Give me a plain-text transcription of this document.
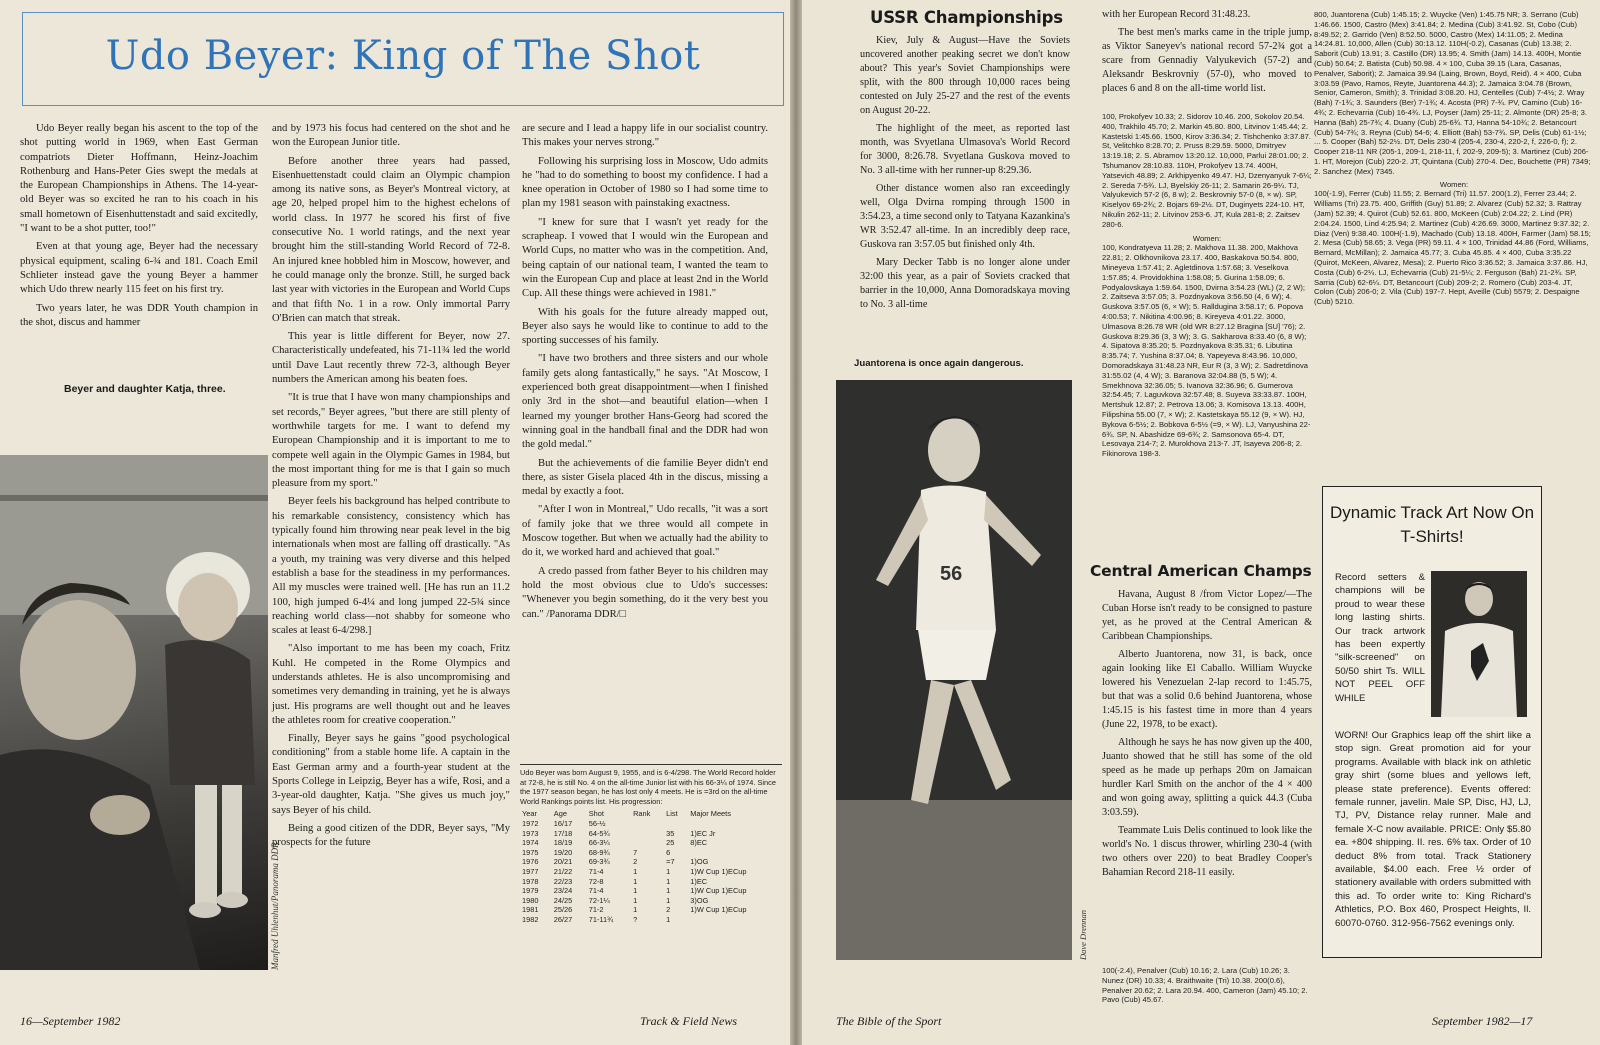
Udo Beyer: King of The Shot

Udo Beyer really began his ascent to the top of the shot putting world in 1969, when East German compatriots Dieter Hoffmann, Heinz-Joachim Rothenburg and Hans-Peter Gies swept the medals at the European Championships in Athens. The 14-year-old Beyer was so excited he ran to his coach in his small hometown of Eisenhuttenstadt and said excitedly, "I want to be a shot putter, too!"

Even at that young age, Beyer had the necessary physical equipment, scaling 6-¾ and 181. Coach Emil Schlieter instead gave the young Beyer a hammer which Udo threw nearly 115 feet on his first try.

Two years later, he was DDR Youth champion in the shot, discus and hammer

Beyer and daughter Katja, three.
Manfred Uhlenhut/Panorama DDR

and by 1973 his focus had centered on the shot and he won the European Junior title.

Before another three years had passed, Eisenhuettenstadt could claim an Olympic champion among its native sons, as Beyer's Montreal victory, at age 20, helped propel him to the highest echelons of world class. In 1977 he scored his first of five consecutive No. 1 world ratings, and the next year brought him the still-standing World Record of 72-8. An injured knee hobbled him in Moscow, however, and he could manage only the bronze. Still, he surged back last year with victories in the European and World Cups and that fifth No. 1 in a row. Only immortal Parry O'Brien can match that streak.

This year is little different for Beyer, now 27. Characteristically undefeated, his 71-11¾ led the world until Dave Laut recently threw 72-3, although Beyer numbers the American among his beaten foes.

"It is true that I have won many championships and set records," Beyer agrees, "but there are still plenty of worthwhile targets for me. I want to defend my European Championship and it is important to me to compete well again in the Olympic Games in 1984, but the most important thing for me is that I gain so much pleasure from my sport."

Beyer feels his background has helped contribute to his remarkable consistency, consistency which has typically found him throwing near peak level in the big internationals when most are falling off drastically. "As a youth, my training was very diverse and this helped establish a base for the steadiness in my performances. All my muscles were trained well. [He has run an 11.2 100, high jumped 6-4¼ and long jumped 22-5¾ since reaching world class—not shabby for someone who scales at least 6-4/298.]

"Also important to me has been my coach, Fritz Kuhl. He competed in the Rome Olympics and understands athletes. He is also uncompromising and sometimes very demanding in training, yet he is always just. His programs are well thought out and he leaves the athletes room for creative cooperation."

Finally, Beyer says he gains "good psychological conditioning" from a stable home life. A captain in the East German army and a fourth-year student at the Sports College in Leipzig, Beyer has a wife, Rosi, and a 3-year-old daughter, Katja. "She gives us much joy," says Beyer of his child.

Being a good citizen of the DDR, Beyer says, "My prospects for the future

are secure and I lead a happy life in our socialist country. This makes your nerves strong."

Following his surprising loss in Moscow, Udo admits he "had to do something to boost my confidence. I had a knee operation in October of 1980 so I had some time to plan my 1981 season with painstaking exactness.

"I knew for sure that I wasn't yet ready for the scrapheap. I vowed that I would win the European and World Cups, no matter who was in the competition. And, being captain of our national team, I wanted the team to win the European Cup and place at least 2nd in the World Cup. All these things were achieved in 1981."

With his goals for the future already mapped out, Beyer also says he would like to continue to add to the sporting successes of his family.

"I have two brothers and three sisters and our whole family gets along fantastically," he says. "At Moscow, I experienced both great disappointment—when I finished only 3rd in the shot—and beautiful elation—when I learned my younger brother Hans-Georg had scored the winning goal in the handball final and the DDR had won the gold medal."

But the achievements of die familie Beyer didn't end there, as sister Gisela placed 4th in the discus, missing a medal by exactly a foot.

"After I won in Montreal," Udo recalls, "it was a sort of family joke that we three would all compete in Moscow together. But when we actually had the ability to do it, we worked hard and achieved that goal."

A credo passed from father Beyer to his children may hold the most obvious clue to Udo's successes: "Whenever you begin something, do it the very best you can." /Panorama DDR/□

Udo Beyer was born August 9, 1955, and is 6-4/298. The World Record holder at 72-8, he is still No. 4 on the all-time Junior list with his 66-3¼ of 1974. Since the 1977 season began, he has lost only 4 meets. He is =3rd on the all-time World Rankings points list. His progression:
Year	Age	Shot	Rank	List	Major Meets
1972	16/17	56-½			
1973	17/18	64-5¾		35	1)EC Jr
1974	18/19	66-3¼		25	8)EC
1975	19/20	68-9¾	7	6	
1976	20/21	69-3¾	2	=7	1)OG
1977	21/22	71-4	1	1	1)W Cup 1)ECup
1978	22/23	72-8	1	1	1)EC
1979	23/24	71-4	1	1	1)W Cup 1)ECup
1980	24/25	72-1¼	1	1	3)OG
1981	25/26	71-2	1	2	1)W Cup 1)ECup
1982	26/27	71-11¾	?	1	
16—September 1982	Track & Field News
USSR Championships

Kiev, July & August—Have the Soviets uncovered another peaking secret we don't know about? This year's Soviet Championships were split, with the 800 through 10,000 races being contested on July 25-27 and the rest of the events on August 20-22.

The highlight of the meet, as reported last month, was Svyetlana Ulmasova's World Record for 3000, 8:26.78. Svyetlana Guskova moved to No. 3 all-time with her runner-up 8:29.36.

Other distance women also ran exceedingly well, Olga Dvirna romping through 1500 in 3:54.23, a time second only to Tatyana Kazankina's WR 3:52.47 all-time. In an incredibly deep race, Guskova ran 3:57.05 but finished only 4th.

Mary Decker Tabb is no longer alone under 32:00 this year, as a pair of Soviets cracked that barrier in the 10,000, Anna Domoradskaya moving to No. 3 all-time

Juantorena is once again dangerous.
56
Dave Drennan
The Bible of the Sport

with her European Record 31:48.23.

The best men's marks came in the triple jump, as Viktor Saneyev's national record 57-2¾ got a scare from Gennadiy Valyukevich (57-2) and Aleksandr Beskrovniy (57-0), who moved to places 6 and 8 on the all-time world list.

100, Prokofyev 10.33; 2. Sidorov 10.46. 200, Sokolov 20.54. 400, Trakhilo 45.70; 2. Markin 45.80. 800, Litvinov 1:45.44; 2. Kastetski 1:45.66. 1500, Kirov 3:36.34; 2. Tishchenko 3:37.87. St, Velitchko 8:28.70; 2. Pruss 8:29.59. 5000, Dmitryev 13:19.18; 2. S. Abramov 13:20.12. 10,000, Parlui 28:01.00; 2. Tshumanov 28:10.83. 110H, Prokofyev 13.74. 400H, Yatsevich 48.89; 2. Arkhipyenko 49.47. HJ, Dzenyanyuk 7-6¼; 2. Sereda 7-5¾. LJ, Byelskiy 26-11; 2. Samarin 26-9¼. TJ, Valyukevich 57-2 (6, 8 w); 2. Beskrovniy 57-0 (8, × w). SP, Kiselyov 69-2¾; 2. Bojars 69-2½. DT, Duginyets 224-10. HT, Nikulin 262-11; 2. Litvinov 253-6. JT, Kula 281-8; 2. Zaitsev 280-6.
Women:
100, Kondratyeva 11.28; 2. Makhova 11.38. 200, Makhova 22.81; 2. Olkhovnikova 23.17. 400, Baskakova 50.54. 800, Mineyeva 1:57.41; 2. Agletdinova 1:57.68; 3. Veselkova 1:57.85; 4. Providokhina 1:58.08; 5. Gurina 1:58.09; 6. Podyalovskaya 1:59.64. 1500, Dvirna 3:54.23 (WL) (2, 2 W); 2. Zaitseva 3:57.05; 3. Pozdnyakova 3:56.50 (4, 6 W); 4. Guskova 3:57.05 (6, × W); 5. Ralldugina 3:58.17; 6. Popova 4:00.53; 7. Nikitina 4:00.96; 8. Kireyeva 4:01.22. 3000, Ulmasova 8:26.78 WR (old WR 8:27.12 Bragina [SU] '76); 2. Guskova 8:29.36 (3, 3 W); 3. G. Sakharova 8:33.40 (6, 8 W); 4. Sipatova 8:35.20; 5. Pozdnyakova 8:35.31; 6. Libutina 8:35.74; 7. Yushina 8:37.04; 8. Yapeyeva 8:43.96. 10,000, Domoradskaya 31:48.23 NR, Eur R (3, 3 W); 2. Sadretdinova 31:55.02 (4, 4 W); 3. Baranova 32:04.88 (5, 5 W); 4. Smekhnova 32:36.05; 5. Ivanova 32:36.96; 6. Gumerova 32:54.45; 7. Laguvkova 32:57.48; 8. Suyeva 33:33.87. 100H, Mertshuk 12.87; 2. Petrova 13.06; 3. Komisova 13.13. 400H, Filipshina 55.00 (7, × W); 2. Kastetskaya 55.12 (9, × W). HJ, Bykova 6-5½; 2. Bobkova 6-5½ (=9, × W). LJ, Vanyushina 22-6¾. SP, N. Abashidze 69-6¾; 2. Samsonova 65-4. DT, Lesovaya 214-7; 2. Murokhova 213-7. JT, Isayeva 206-8; 2. Fikinorova 198-3.
Central American Champs

Havana, August 8 /from Victor Lopez/—The Cuban Horse isn't ready to be consigned to pasture yet, as he proved at the Central American & Caribbean Championships.

Alberto Juantorena, now 31, is back, once again looking like El Caballo. William Wuycke lowered his Venezuelan 2-lap record to 1:45.75, but that was a solid 0.6 behind Juantorena, whose 1:45.15 is his fastest time in more than 4 years (June 22, 1978, to be exact).

Although he says he has now given up the 400, Juanto showed that he still has some of the old speed as he made up perhaps 20m on Jamaican hurdler Karl Smith on the anchor of the 4 × 400 and won going away, splitting a quick 44.3 (Cuba 3:03.59).

Teammate Luis Delis continued to look like the world's No. 1 discus thrower, whirling 230-4 (with two others over 220) to beat Bradley Cooper's Bahamian Record 218-11 easily.

100(-2.4), Penalver (Cub) 10.16; 2. Lara (Cub) 10.26; 3. Nunez (DR) 10.33; 4. Braithwaite (Tri) 10.38. 200(0.6), Penalver 20.62; 2. Lara 20.94. 400, Cameron (Jam) 45.10; 2. Pavo (Cub) 45.67.
800, Juantorena (Cub) 1:45.15; 2. Wuycke (Ven) 1:45.75 NR; 3. Serrano (Cub) 1:46.66. 1500, Castro (Mex) 3:41.84; 2. Medina (Cub) 3:41.92. St, Cobo (Cub) 8:49.52; 2. Garrido (Ven) 8:52.50. 5000, Castro (Mex) 14:11.05; 2. Medina 14:24.81. 10,000, Allen (Cub) 30:13.12. 110H(-0.2), Casanas (Cub) 13.38; 2. Saborit (Cub) 13.91; 3. Castillo (DR) 13.95; 4. Smith (Jam) 14.13. 400H, Montie (Cub) 50.64; 2. Batista (Cub) 50.98. 4 × 100, Cuba 39.15 (Lara, Casanas, Penalver, Saborit); 2. Jamaica 39.94 (Laing, Brown, Boyd, Reid). 4 × 400, Cuba 3:03.59 (Pavo, Ramos, Reyte, Juantorena 44.3); 2. Jamaica 3:04.78 (Brown, Senior, Cameron, Smith); 3. Trinidad 3:08.20. HJ, Centelles (Cub) 7-4½; 2. Wray (Bah) 7-1¾; 3. Saunders (Ber) 7-1¾; 4. Acosta (PR) 7-¾. PV, Camino (Cub) 16-4¾; 2. Echevarria (Cub) 16-4¾. LJ, Poyser (Jam) 25-11; 2. Almonte (DR) 25-8; 3. Hanna (Bah) 25-7¾; 4. Duany (Cub) 25-6¾. TJ, Hanna 54-10¾; 2. Betancourt (Cub) 54-7¾; 3. Reyna (Cub) 54-6; 4. Elliott (Bah) 53-7¾. SP, Delis (Cub) 61-1½; ... 5. Cooper (Bah) 52-2½. DT, Delis 230-4 (205-4, 230-4, 220-2, f, 226-0, f); 2. Cooper 218-11 NR (205-1, 209-1, 218-11, f, 202-9, 209-5); 3. Martinez (Cub) 206-1. HT, Morejon (Cub) 220-2. JT, Quintana (Cub) 270-4. Dec, Bouchette (PR) 7349; 2. Sanchez (Mex) 7345.
Women:
100(-1.9), Ferrer (Cub) 11.55; 2. Bernard (Tri) 11.57. 200(1.2), Ferrer 23.44; 2. Williams (Tri) 23.75. 400, Griffith (Guy) 51.89; 2. Alvarez (Cub) 52.32; 3. Rattray (Jam) 52.39; 4. Quirot (Cub) 52.61. 800, McKeen (Cub) 2:04.22; 2. Lind (PR) 2:04.24. 1500, Lind 4:25.94; 2. Martinez (Cub) 4:26.69. 3000, Martinez 9:37.32; 2. Diaz (Ven) 9:38.40. 100H(-1.9), Machado (Cub) 13.18. 400H, Farmer (Jam) 58.15; 2. Mesa (Cub) 58.65; 3. Vega (PR) 59.11. 4 × 100, Trinidad 44.86 (Ford, Williams, Bernard, McMillan); 2. Jamaica 45.77; 3. Cuba 45.85. 4 × 400, Cuba 3:35.22 (Quirot, McKeen, Alvarez, Mesa); 2. Puerto Rico 3:36.52; 3. Jamaica 3:37.86. HJ, Costa (Cub) 6-2¼. LJ, Echevarria (Cub) 21-5¼; 2. Ferguson (Bah) 21-2¾. SP, Sarria (Cub) 62-6¼. DT, Betancourt (Cub) 209-2; 2. Romero (Cub) 203-4. JT, Colon (Cub) 206-0; 2. Vila (Cub) 197-7. Hept, Aveille (Cub) 5579; 2. Despaigne (Cub) 5210.
Dynamic Track Art Now On T-Shirts!
Record setters & champions will be proud to wear these long lasting shirts. Our track artwork has been expertly "silk-screened" on 50/50 shirt Ts. WILL NOT PEEL OFF WHILE
WORN! Our Graphics leap off the shirt like a stop sign. Great promotion aid for your programs. Available with black ink on athletic gray shirt (some blues and yellows left, please state preference). Events offered: female runner, javelin. Male SP, Disc, HJ, LJ, TJ, PV, Distance relay runner. Male and female X-C now available. PRICE: Only $5.80 ea. +80¢ shipping. II. res. 6% tax. Order of 10 deduct 8% from total. Track Stationery available, $4.00 each. Free ½ order of stationery available with orders submitted with this ad. To order write to: King Richard's Athletics, P.O. Box 460, Prospect Heights, Il. 60070-0760. 312-956-7562 evenings only.
September 1982—17
